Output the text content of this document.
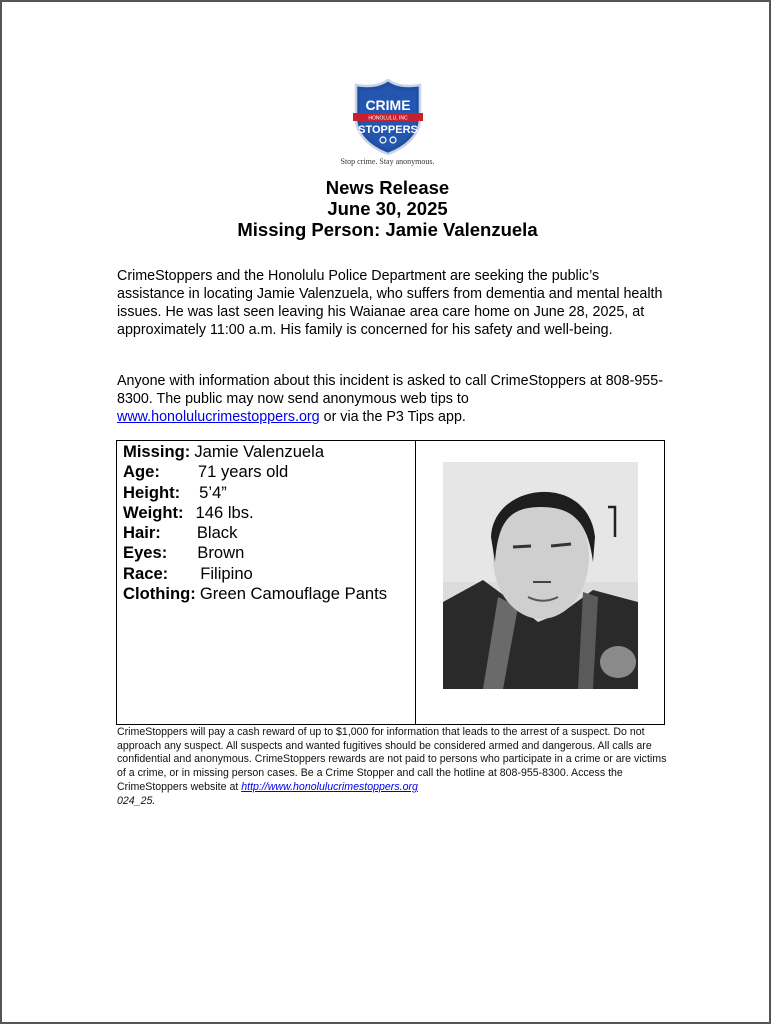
CRIME
HONOLULU, INC
STOPPERS
Stop crime. Stay anonymous.
News Release
June 30, 2025
Missing Person: Jamie Valenzuela
CrimeStoppers and the Honolulu Police Department are seeking the public’s assistance in locating Jamie Valenzuela, who suffers from dementia and mental health issues. He was last seen leaving his Waianae area care home on June 28, 2025, at approximately 11:00 a.m. His family is concerned for his safety and well-being.
Anyone with information about this incident is asked to call CrimeStoppers at 808-955-8300. The public may now send anonymous web tips to
www.honolulucrimestoppers.org or via the P3 Tips app.
Missing: Jamie Valenzuela
Age: 71 years old
Height: 5’4”
Weight: 146 lbs.
Hair: Black
Eyes: Brown
Race: Filipino
Clothing: Green Camouflage Pants
CrimeStoppers will pay a cash reward of up to $1,000 for information that leads to the arrest of a suspect. Do not approach any suspect. All suspects and wanted fugitives should be considered armed and dangerous. All calls are confidential and anonymous. CrimeStoppers rewards are not paid to persons who participate in a crime or are victims of a crime, or in missing person cases. Be a Crime Stopper and call the hotline at 808-955-8300. Access the CrimeStoppers website at http://www.honolulucrimestoppers.org
024_25.
